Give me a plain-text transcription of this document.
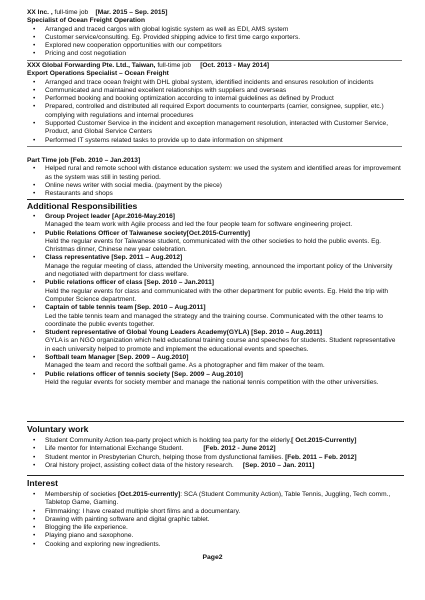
XX Inc. , full-time job [Mar. 2015 – Sep. 2015]
Specialist of Ocean Freight Operation
• Arranged and traced cargos with global logistic system as well as EDI, AMS system
• Customer service/consulting. Eg. Provided shipping advice to first time cargo exporters.
• Explored new cooperation opportunities with our competitors
• Pricing and cost negotiation
XXX Global Forwarding Pte. Ltd., Taiwan, full-time job [Oct. 2013 - May 2014]
Export Operations Specialist – Ocean Freight
• Arranged and trace ocean freight with DHL global system, identified incidents and ensures resolution of incidents
• Communicated and maintained excellent relationships with suppliers and overseas
• Performed booking and booking optimization according to internal guidelines as defined by Product
• Prepared, controlled and distributed all required Export documents to counterparts (carrier, consignee, supplier, etc.) complying with regulations and internal procedures
• Supported Customer Service in the incident and exception management resolution, interacted with Customer Service, Product, and Global Service Centers
• Performed IT systems related tasks to provide up to date information on shipment
Part Time job [Feb. 2010 – Jan.2013]
• Helped rural and remote school with distance education system: we used the system and identified areas for improvement as the system was still in testing period.
• Online news writer with social media. (payment by the piece)
• Restaurants and shops
Additional Responsibilities
• Group Project leader [Apr.2016-May.2016]
Managed the team work with Agile process and led the four people team for software engineering project.
• Public Relations Officer of Taiwanese society[Oct.2015-Currently]
Held the regular events for Taiwanese student, communicated with the other societies to hold the public events. Eg. Christmas dinner, Chinese new year celebration.
• Class representative [Sep. 2011 – Aug.2012]
Manage the regular meeting of class, attended the University meeting, announced the important policy of the University and negotiated with department for class welfare.
• Public relations officer of class [Sep. 2010 – Jan.2011]
Held the regular events for class and communicated with the other department for public events. Eg. Held the trip with Computer Science department.
• Captain of table tennis team [Sep. 2010 – Aug.2011]
Led the table tennis team and managed the strategy and the training course. Communicated with the other teams to coordinate the public events together.
• Student representative of Global Young Leaders Academy(GYLA) [Sep. 2010 – Aug.2011]
GYLA is an NGO organization which held educational training course and speeches for students. Student representative in each university helped to promote and implement the educational events and speeches.
• Softball team Manager [Sep. 2009 – Aug.2010]
Managed the team and record the softball game. As a photographer and film maker of the team.
• Public relations officer of tennis society [Sep. 2009 – Aug.2010]
Held the regular events for society member and manage the national tennis competition with the other universities.
Voluntary work
• Student Community Action tea-party project which is holding tea party for the elderly.[ Oct.2015-Currently]
• Life mentor for International Exchange Student.	[Feb. 2012 - June 2012]
• Student mentor in Presbyterian Church, helping those from dysfunctional families. [Feb. 2011 – Feb. 2012]
• Oral history project, assisting collect data of the history research. [Sep. 2010 – Jan. 2011]
Interest
• Membership of societies [Oct.2015-currently]: SCA (Student Community Action), Table Tennis, Juggling, Tech comm., Tabletop Game, Gaming.
• Filmmaking: I have created multiple short films and a documentary.
• Drawing with painting software and digital graphic tablet.
• Blogging the life experience.
• Playing piano and saxophone.
• Cooking and exploring new ingredients.
Page2
